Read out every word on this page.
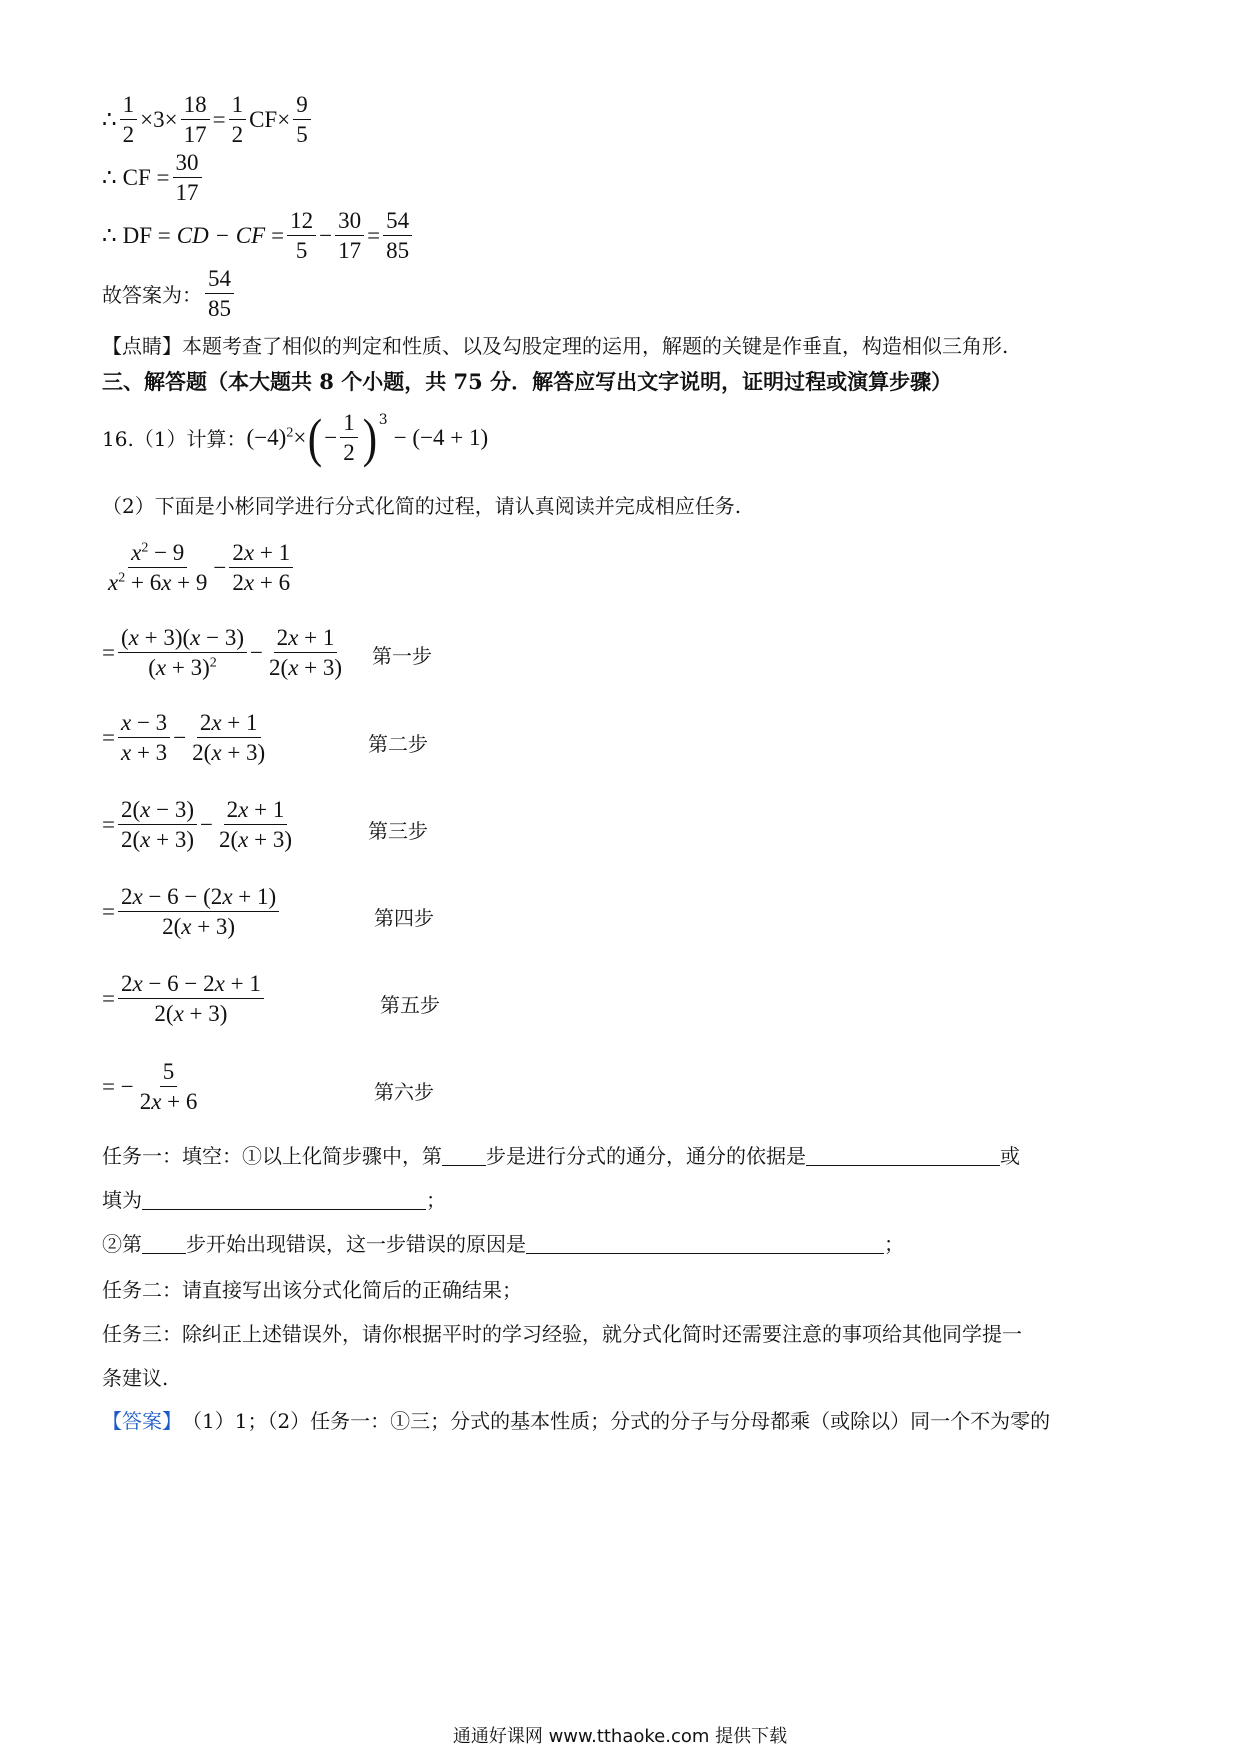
∴ $\frac{1}{2} \times 3 \times \frac{18}{17} = \frac{1}{2}$ CF × $\frac{9}{5}$
∴ CF = $\frac{30}{17}$
∴ DF = CD − CF = $\frac{12}{5} - \frac{30}{17} = \frac{54}{85}$
故答案为： $\frac{54}{85}$
【点睛】本题考查了相似的判定和性质、以及勾股定理的运用，解题的关键是作垂直，构造相似三角形.
三、解答题（本大题共 8 个小题，共 75 分．解答应写出文字说明，证明过程或演算步骤）
16.（1）计算： $(-4)^2$ × ( − $\frac{1}{2} )^3$
− (−4 + 1)
（2）下面是小彬同学进行分式化简的过程，请认真阅读并完成相应任务.
$\frac{x^2 - 9}{x^2 + 6x + 9} - \frac{2x + 1}{2x + 6}$
= $\frac{(x + 3)(x - 3)}{(x + 3)^2} - \frac{2x + 1}{2(x + 3)}$ 第一步
= $\frac{x - 3}{x + 3} - \frac{2x + 1}{2(x + 3)}$	第二步
= $\frac{2(x - 3)}{2(x + 3)} - \frac{2x + 1}{2(x + 3)}$	第三步
= $\frac{2x - 6 - (2x + 1)}{2(x + 3)}$	第四步
= $\frac{2x - 6 - 2x + 1}{2(x + 3)}$	第五步
= − $\frac{5}{2x + 6}$	第六步
任务一：填空：①以上化简步骤中，第 步是进行分式的通分，通分的依据是	或
填为	；
②第 步开始出现错误，这一步错误的原因是	；
任务二：请直接写出该分式化简后的正确结果；
任务三：除纠正上述错误外，请你根据平时的学习经验，就分式化简时还需要注意的事项给其他同学提一
条建议.
【答案】 （1）1；（2）任务一：①三；分式的基本性质；分式的分子与分母都乘（或除以）同一个不为零的
通通好课网 www.tthaoke.com 提供下载
